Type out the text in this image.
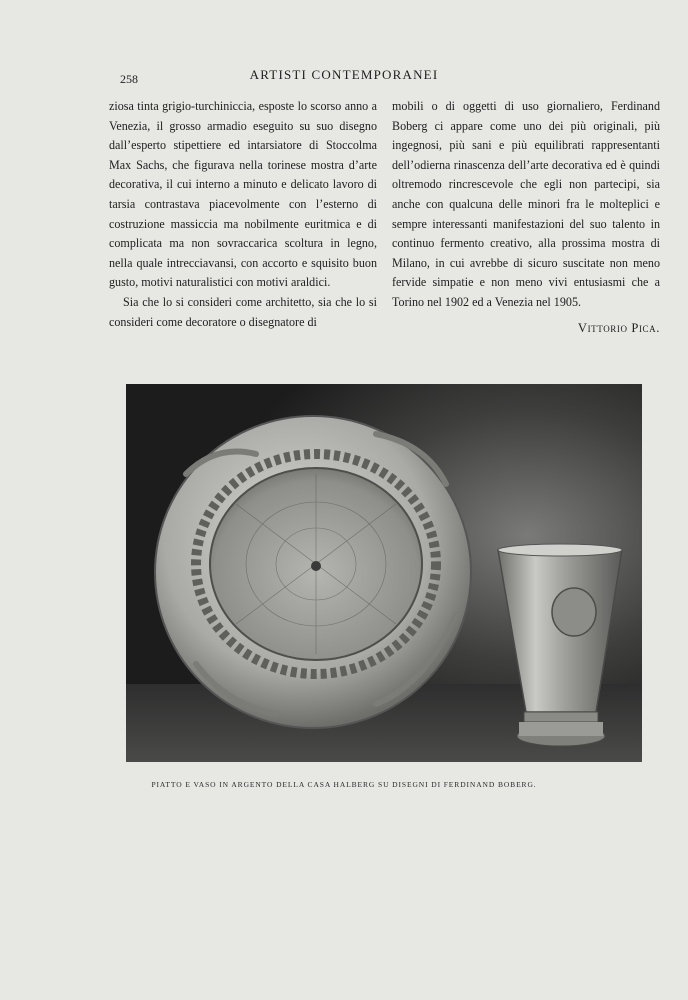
258	ARTISTI CONTEMPORANEI

ziosa tinta grigio-turchiniccia, esposte lo scorso anno a Venezia, il grosso armadio eseguito su suo disegno dall’esperto stipettiere ed intarsiatore di Stoccolma Max Sachs, che figurava nella torinese mostra d’arte decorativa, il cui interno a minuto e delicato lavoro di tarsia contrastava piacevolmente con l’esterno di costruzione massiccia ma nobilmente euritmica e di complicata ma non sovraccarica scoltura in legno, nella quale intrecciavansi, con accorto e squisito buon gusto, motivi naturalistici con motivi araldici.

Sia che lo si consideri come architetto, sia che lo si consideri come decoratore o disegnatore di

mobili o di oggetti di uso giornaliero, Ferdinand Boberg ci appare come uno dei più originali, più ingegnosi, più sani e più equilibrati rappresentanti dell’odierna rinascenza dell’arte decorativa ed è quindi oltremodo rincrescevole che egli non partecipi, sia anche con qualcuna delle minori fra le molteplici e sempre interessanti manifestazioni del suo talento in continuo fermento creativo, alla prossima mostra di Milano, in cui avrebbe di sicuro suscitate non meno fervide simpatie e non meno vivi entusiasmi che a Torino nel 1902 ed a Venezia nel 1905.

Vittorio Pica.

PIATTO E VASO IN ARGENTO DELLA CASA HALBERG SU DISEGNI DI FERDINAND BOBERG.
